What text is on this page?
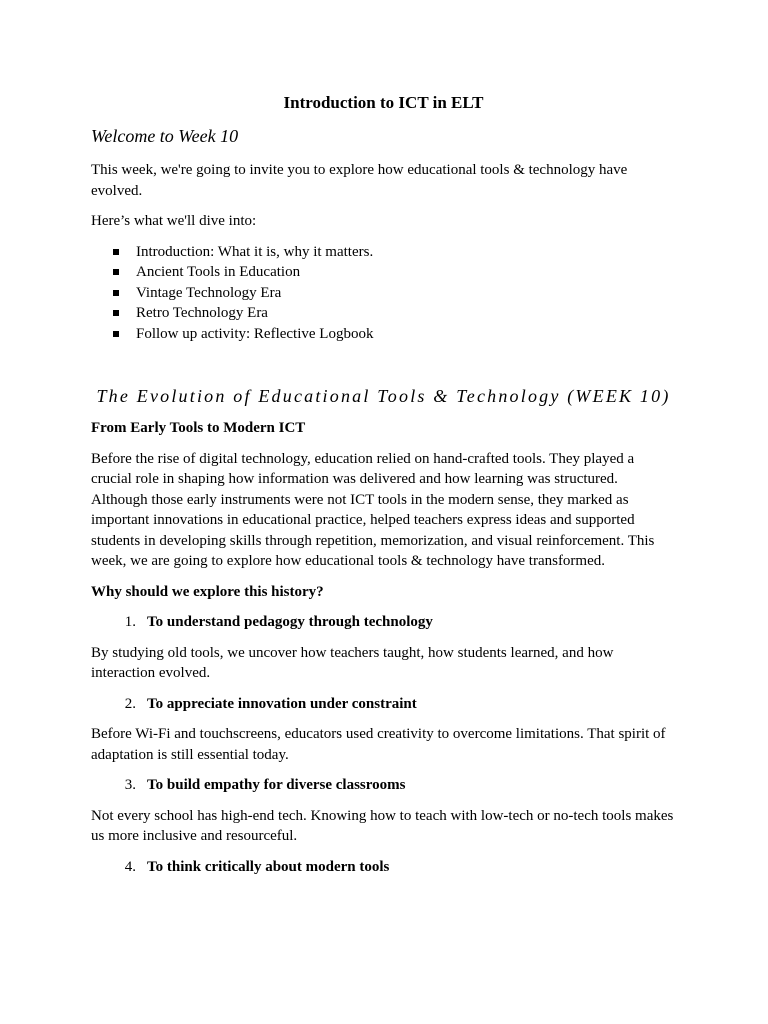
Introduction to ICT in ELT
Welcome to Week 10

This week, we're going to invite you to explore how educational tools & technology have evolved.

Here’s what we'll dive into:

Introduction: What it is, why it matters.
Ancient Tools in Education
Vintage Technology Era
Retro Technology Era
Follow up activity: Reflective Logbook
The Evolution of Educational Tools & Technology (WEEK 10)

From Early Tools to Modern ICT

Before the rise of digital technology, education relied on hand-crafted tools. They played a crucial role in shaping how information was delivered and how learning was structured. Although those early instruments were not ICT tools in the modern sense, they marked as important innovations in educational practice, helped teachers express ideas and supported students in developing skills through repetition, memorization, and visual reinforcement. This week, we are going to explore how educational tools & technology have transformed.

Why should we explore this history?

1. To understand pedagogy through technology

By studying old tools, we uncover how teachers taught, how students learned, and how interaction evolved.

2. To appreciate innovation under constraint

Before Wi-Fi and touchscreens, educators used creativity to overcome limitations. That spirit of adaptation is still essential today.

3. To build empathy for diverse classrooms

Not every school has high-end tech. Knowing how to teach with low-tech or no-tech tools makes us more inclusive and resourceful.

4. To think critically about modern tools
